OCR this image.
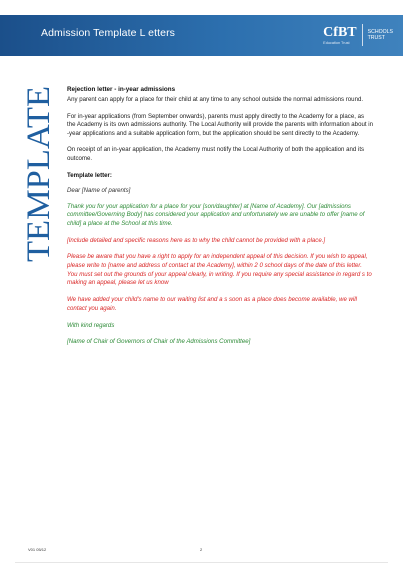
Admission Template L etters	CfBT
Education Trust
SCHOOLS
TRUST
TEMPLATE
Rejection letter - in-year admissions

Any parent can apply for a place for their child at any time to any school outside the normal admissions round.

For in-year applications (from September onwards), parents must apply directly to the Academy for a place, as the Academy is its own admissions authority. The Local Authority will provide the parents with information about in -year applications and a suitable application form, but the application should be sent directly to the Academy.

On receipt of an in-year application, the Academy must notify the Local Authority of both the application and its outcome.

Template letter:
Dear [Name of parents]

Thank you for your application for a place for your [son/daughter] at [Name of Academy]. Our [admissions committee/Governing Body] has considered your application and unfortunately we are unable to offer [name of child] a place at the School at this time.

[Include detailed and specific reasons here as to why the child cannot be provided with a place.]

Please be aware that you have a right to apply for an independent appeal of this decision. If you wish to appeal, please write to [name and address of contact at the Academy], within 2 0 school days of the date of this letter. You must set out the grounds of your appeal clearly, in writing. If you require any special assistance in regard s to making an appeal, please let us know

We have added your child's name to our waiting list and a s soon as a place does become available, we will contact you again.

With kind regards

[Name of Chair of Governors of Chair of the Admissions Committee]

V01 05/12	2
